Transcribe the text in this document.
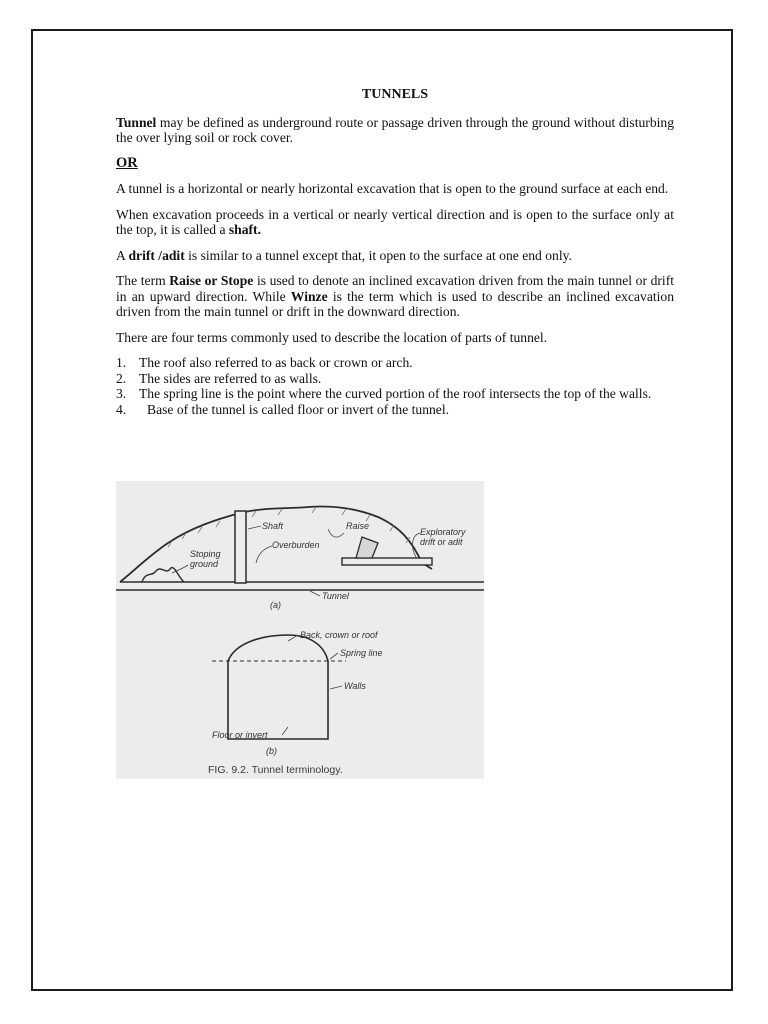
TUNNELS

Tunnel may be defined as underground route or passage driven through the ground without disturbing the over lying soil or rock cover.

OR

A tunnel is a horizontal or nearly horizontal excavation that is open to the ground surface at each end.

When excavation proceeds in a vertical or nearly vertical direction and is open to the surface only at the top, it is called a shaft.

A drift /adit is similar to a tunnel except that, it open to the surface at one end only.

The term Raise or Stope is used to denote an inclined excavation driven from the main tunnel or drift in an upward direction. While Winze is the term which is used to describe an inclined excavation driven from the main tunnel or drift in the downward direction.

There are four terms commonly used to describe the location of parts of tunnel.

1. The roof also referred to as back or crown or arch.
2. The sides are referred to as walls.
3. The spring line is the point where the curved portion of the roof intersects the top of the walls.
4. Base of the tunnel is called floor or invert of the tunnel.
Shaft	Raise
Exploratory
drift or adit
Overburden
Stoping
ground
Tunnel
(a)
Back, crown or roof
Spring line
Walls
Floor or invert
(b)
FIG. 9.2. Tunnel terminology.
